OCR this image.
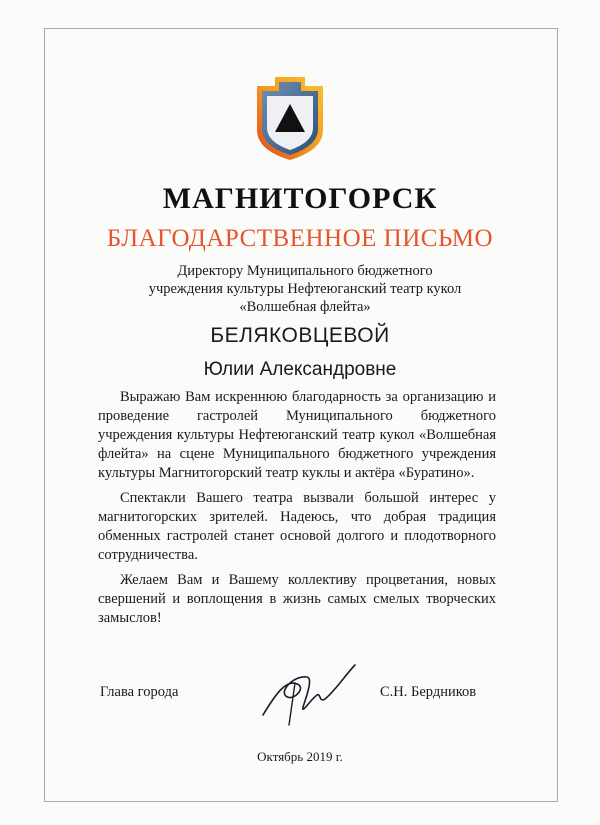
МАГНИТОГОРСК
БЛАГОДАРСТВЕННОЕ ПИСЬМО
Директору Муниципального бюджетного
учреждения культуры Нефтеюганский театр кукол
«Волшебная флейта»
БЕЛЯКОВЦЕВОЙ
Юлии Александровне

Выражаю Вам искреннюю благодарность за организацию и проведение гастролей Муниципального бюджетного учреждения культуры Нефтеюганский театр кукол «Волшебная флейта» на сцене Муниципального бюджетного учреждения культуры Магнитогорский театр куклы и актёра «Буратино».

Спектакли Вашего театра вызвали большой интерес у магнитогорских зрителей. Надеюсь, что добрая традиция обменных гастролей станет основой долгого и плодотворного сотрудничества.

Желаем Вам и Вашему коллективу процветания, новых свершений и воплощения в жизнь самых смелых творческих замыслов!

Глава города	С.Н. Бердников
Октябрь 2019 г.
